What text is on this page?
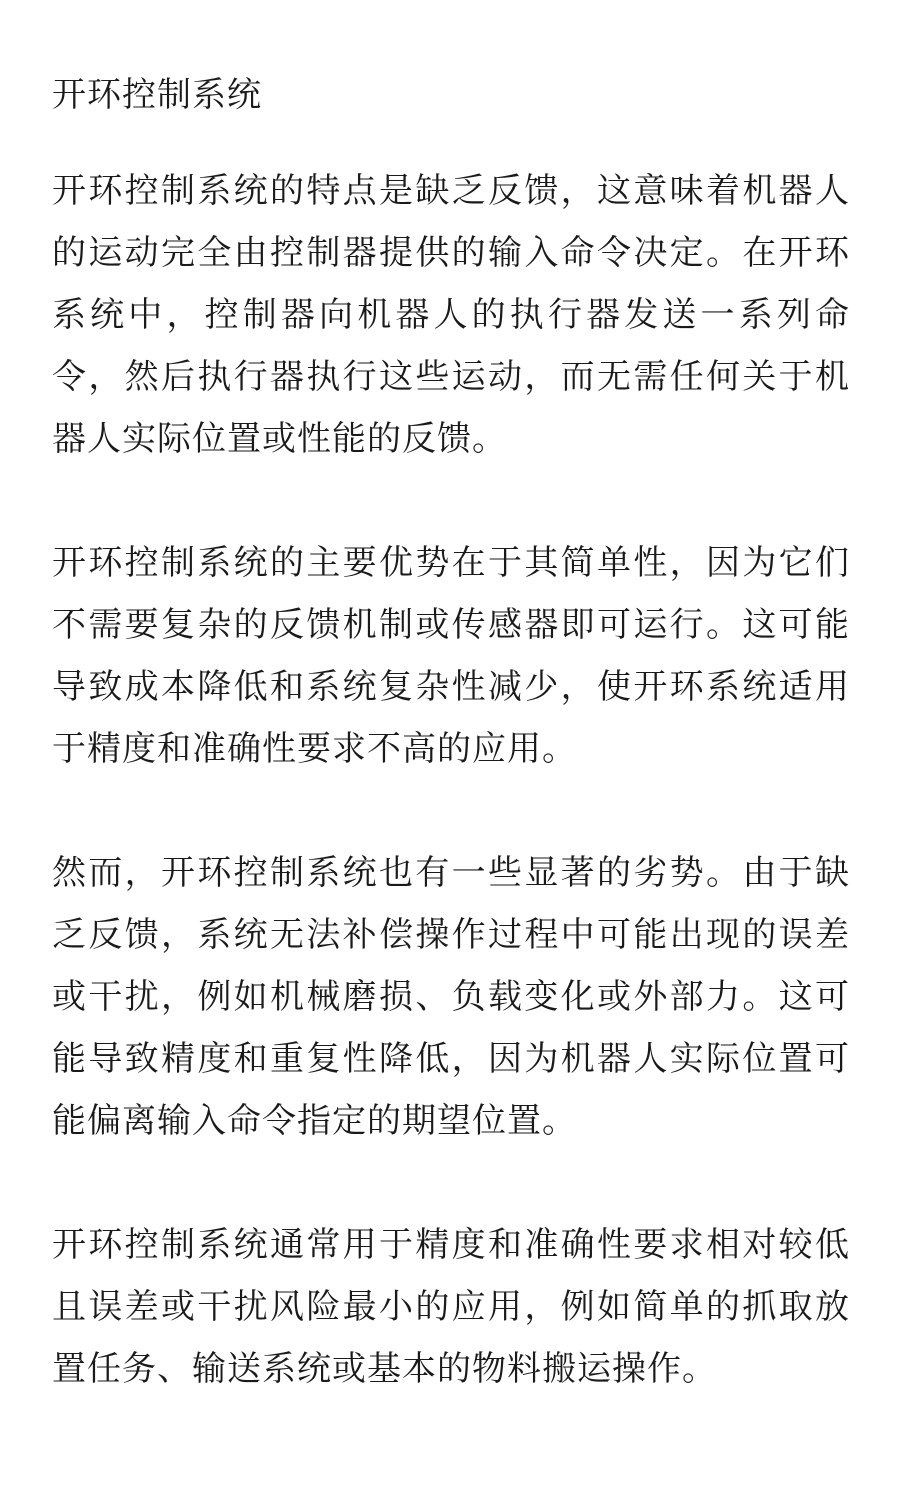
开环控制系统

开环控制系统的特点是缺乏反馈，这意味着机器人的运动完全由控制器提供的输入命令决定。在开环系统中，控制器向机器人的执行器发送一系列命令，然后执行器执行这些运动，而无需任何关于机器人实际位置或性能的反馈。

开环控制系统的主要优势在于其简单性，因为它们不需要复杂的反馈机制或传感器即可运行。这可能导致成本降低和系统复杂性减少，使开环系统适用于精度和准确性要求不高的应用。

然而，开环控制系统也有一些显著的劣势。由于缺乏反馈，系统无法补偿操作过程中可能出现的误差或干扰，例如机械磨损、负载变化或外部力。这可能导致精度和重复性降低，因为机器人实际位置可能偏离输入命令指定的期望位置。

开环控制系统通常用于精度和准确性要求相对较低且误差或干扰风险最小的应用，例如简单的抓取放置任务、输送系统或基本的物料搬运操作。
